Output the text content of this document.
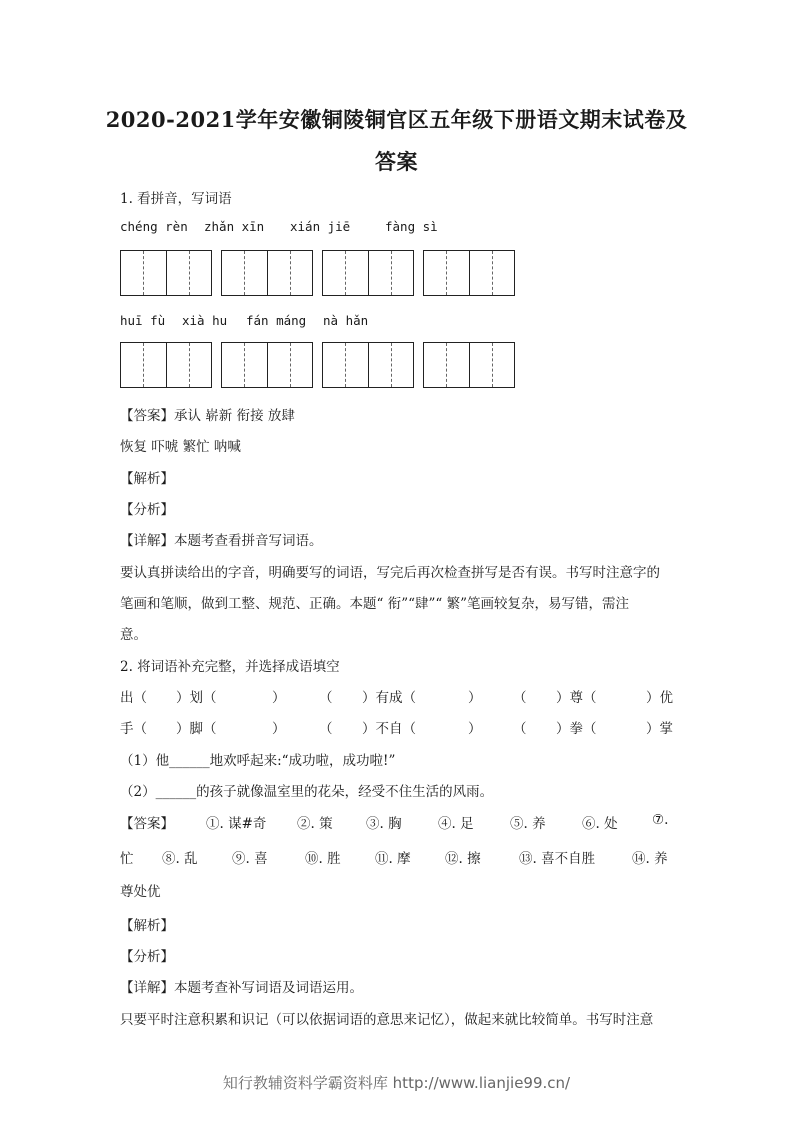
2020-2021学年安徽铜陵铜官区五年级下册语文期末试卷及
答案
1. 看拼音，写词语
chéng rèn zhǎn xīn xián jiē	fàng sì
huī fù xià hu fán máng nà hǎn
【答案】承认 崭新 衔接 放肆
恢复 吓唬 繁忙 呐喊
【解析】
【分析】
【详解】本题考查看拼音写词语。
要认真拼读给出的字音，明确要写的词语，写完后再次检查拼写是否有误。书写时注意字的
笔画和笔顺，做到工整、规范、正确。本题“ 衔”“肆”“ 繁”笔画较复杂，易写错，需注
意。
2. 将词语补充完整，并选择成语填空
出（ ）划（	） （ ）有成（	） （ ）尊（	）优
手（ ）脚（	） （ ）不自（	） （ ）拳（	）掌
（1）他______地欢呼起来:“成功啦，成功啦!”
（2）______的孩子就像温室里的花朵，经受不住生活的风雨。
【答案】 ①. 谋#奇 ②. 策 ③. 胸	④. 足	⑤. 养	⑥. 处	⑦.
忙 ⑧. 乱	⑨. 喜	⑩. 胜	⑪. 摩	⑫. 擦	⑬. 喜不自胜	⑭. 养
尊处优
【解析】
【分析】
【详解】本题考查补写词语及词语运用。
只要平时注意积累和识记（可以依据词语的意思来记忆），做起来就比较简单。书写时注意
知行教辅资料学霸资料库 http://www.lianjie99.cn/
